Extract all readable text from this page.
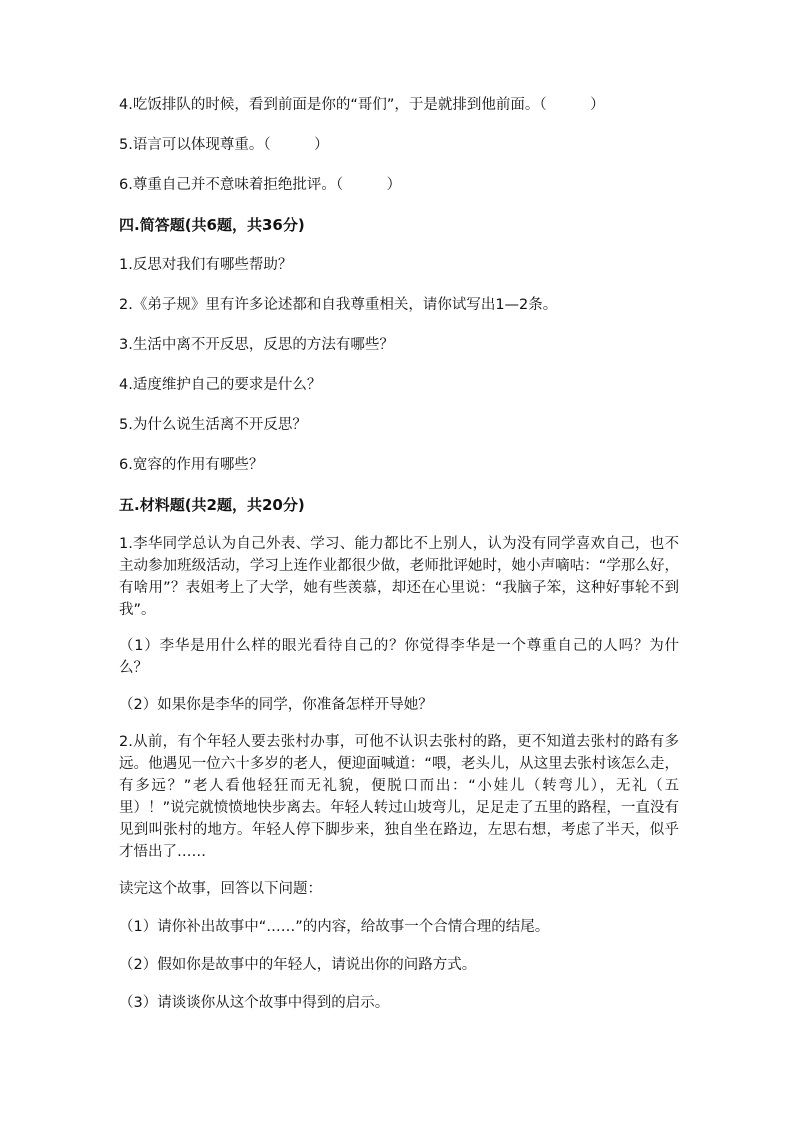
4.吃饭排队的时候，看到前面是你的“哥们”，于是就排到他前面。（　　　）

5.语言可以体现尊重。（　　　）

6.尊重自己并不意味着拒绝批评。（　　　）

四.简答题(共6题，共36分)

1.反思对我们有哪些帮助？

2.《弟子规》里有许多论述都和自我尊重相关，请你试写出1—2条。

3.生活中离不开反思，反思的方法有哪些？

4.适度维护自己的要求是什么？

5.为什么说生活离不开反思？

6.宽容的作用有哪些？

五.材料题(共2题，共20分)

1.李华同学总认为自己外表、学习、能力都比不上别人，认为没有同学喜欢自己，也不主动参加班级活动，学习上连作业都很少做，老师批评她时，她小声嘀咕：“学那么好，有啥用”？表姐考上了大学，她有些羡慕，却还在心里说：“我脑子笨，这种好事轮不到我”。

（1）李华是用什么样的眼光看待自己的？你觉得李华是一个尊重自己的人吗？为什么？

（2）如果你是李华的同学，你准备怎样开导她？

2.从前，有个年轻人要去张村办事，可他不认识去张村的路，更不知道去张村的路有多远。他遇见一位六十多岁的老人，便迎面喊道：“喂，老头儿，从这里去张村该怎么走，有多远？”老人看他轻狂而无礼貌，便脱口而出：“小娃儿（转弯儿），无礼（五里）！”说完就愤愤地快步离去。年轻人转过山坡弯儿，足足走了五里的路程，一直没有见到叫张村的地方。年轻人停下脚步来，独自坐在路边，左思右想，考虑了半天，似乎才悟出了……

读完这个故事，回答以下问题：

（1）请你补出故事中“……”的内容，给故事一个合情合理的结尾。

（2）假如你是故事中的年轻人，请说出你的问路方式。

（3）请谈谈你从这个故事中得到的启示。
